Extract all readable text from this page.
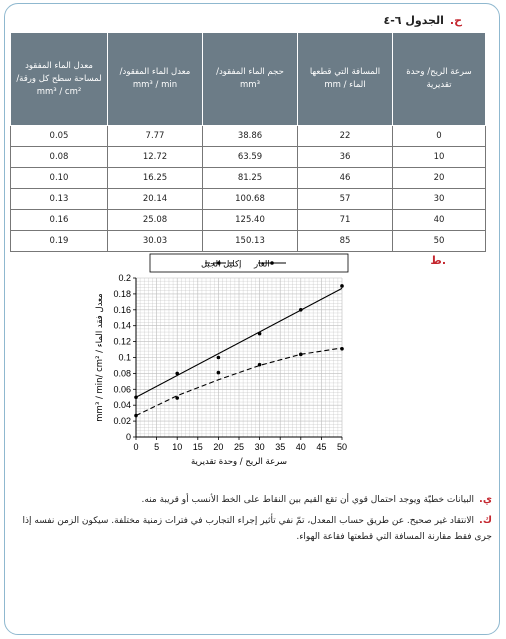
ح.الجدول ٦-٤
معدل الماء المفقود لمساحة سطح كل ورقة/ mm³ / cm²	معدل الماء المفقود/ mm³ / min	حجم الماء المفقود/ mm³	المسافة التي قطعها الماء / mm	سرعة الريح/ وحدة تقديرية
0.05	7.77	38.86	22	0
0.08	12.72	63.59	36	10
0.10	16.25	81.25	46	20
0.13	20.14	100.68	57	30
0.16	25.08	125.40	71	40
0.19	30.03	150.13	85	50
ط.
0
0.02
0.04
0.06
0.08
0.1
0.12
0.14
0.16
0.18
0.2
0 5 10 15 20 25 30 35 40 45 50
سرعة الريح / وحدة تقديرية
معدل فقد الماء / mm³ / min/ cm²
الغار
إكليل الجبل
ي.البيانات خطيّة ويوجد احتمال قوي أن تقع القيم بين النقاط على الخط الأنسب أو قريبة منه.
ك.الانتقاد غير صحيح. عن طريق حساب المعدل، تمّ نفي تأثير إجراء التجارب في فترات زمنية مختلفة. سيكون الزمن نفسه إذا جرى فقط مقارنة المسافة التي قطعتها فقاعة الهواء.
